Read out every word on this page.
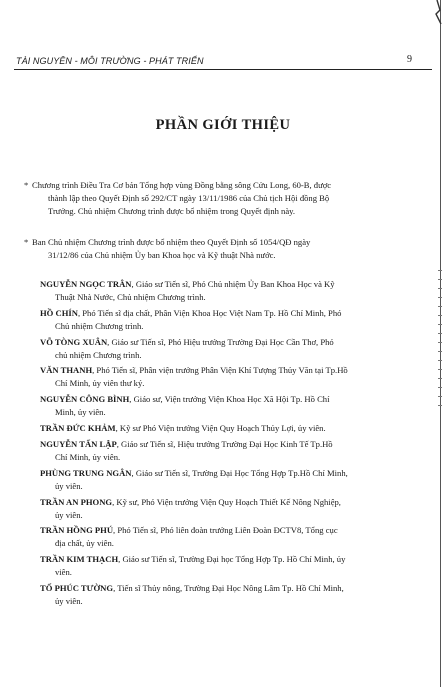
TÀI NGUYÊN - MÔI TRƯỜNG - PHÁT TRIỂN	9
PHẦN GIỚI THIỆU
* Chương trình Điều Tra Cơ bản Tổng hợp vùng Đồng bằng sông Cửu Long, 60-B, được
thành lập theo Quyết Định số 292/CT ngày 13/11/1986 của Chủ tịch Hội đồng Bộ
Trưởng. Chủ nhiệm Chương trình được bổ nhiệm trong Quyết định này.
* Ban Chủ nhiệm Chương trình được bổ nhiệm theo Quyết Định số 1054/QĐ ngày
31/12/86 của Chủ nhiệm Ủy ban Khoa học và Kỹ thuật Nhà nước.
NGUYỄN NGỌC TRÂN, Giáo sư Tiến sĩ, Phó Chủ nhiệm Ủy Ban Khoa Học và Kỹ
Thuật Nhà Nước, Chủ nhiệm Chương trình.
HỒ CHÍN, Phó Tiến sĩ địa chất, Phân Viện Khoa Học Việt Nam Tp. Hồ Chí Minh, Phó
Chủ nhiệm Chương trình.
VÕ TÒNG XUÂN, Giáo sư Tiến sĩ, Phó Hiệu trưởng Trường Đại Học Cần Thơ, Phó
chủ nhiệm Chương trình.
VĂN THANH, Phó Tiến sĩ, Phân viện trưởng Phân Viện Khí Tượng Thủy Văn tại Tp.Hồ
Chí Minh, ủy viên thư ký.
NGUYỄN CÔNG BÌNH, Giáo sư, Viện trưởng Viện Khoa Học Xã Hội Tp. Hồ Chí
Minh, ủy viên.
TRẦN ĐỨC KHẢM, Kỹ sư Phó Viện trưởng Viện Quy Hoạch Thủy Lợi, ủy viên.
NGUYỄN TẤN LẬP, Giáo sư Tiến sĩ, Hiệu trưởng Trường Đại Học Kinh Tế Tp.Hồ
Chí Minh, ủy viên.
PHÙNG TRUNG NGÂN, Giáo sư Tiến sĩ, Trường Đại Học Tổng Hợp Tp.Hồ Chí Minh,
ủy viên.
TRẦN AN PHONG, Kỹ sư, Phó Viện trưởng Viện Quy Hoạch Thiết Kế Nông Nghiệp,
ủy viên.
TRẦN HỒNG PHÚ, Phó Tiến sĩ, Phó liên đoàn trưởng Liên Đoàn ĐCTV8, Tổng cục
địa chất, ủy viên.
TRẦN KIM THẠCH, Giáo sư Tiến sĩ, Trường Đại học Tổng Hợp Tp. Hồ Chí Minh, ủy
viên.
TỐ PHÚC TƯỜNG, Tiến sĩ Thủy nông, Trường Đại Học Nông Lâm Tp. Hồ Chí Minh,
ủy viên.
